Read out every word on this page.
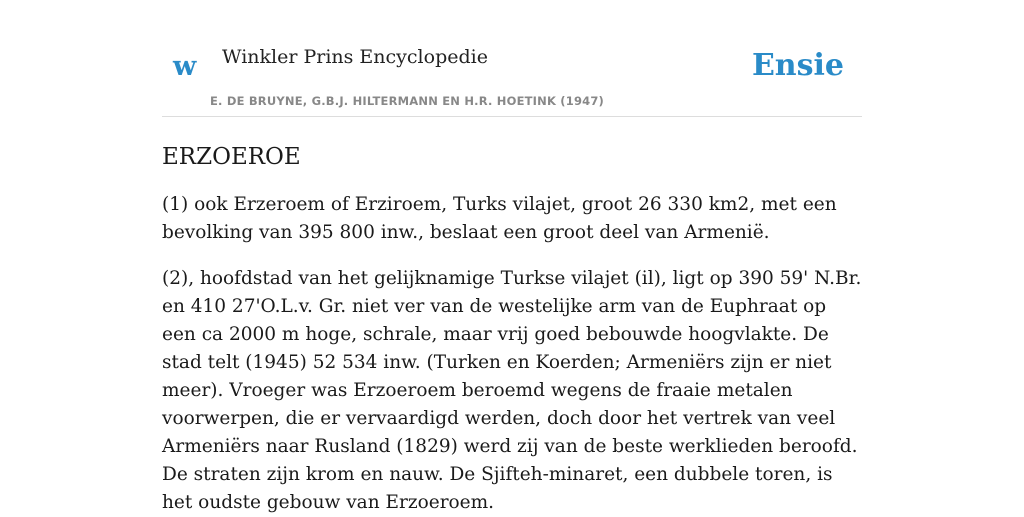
w Winkler Prins Encyclopedie
E. DE BRUYNE, G.B.J. HILTERMANN EN H.R. HOETINK (1947)
Ensie
ERZOEROE

(1) ook Erzeroem of Erziroem, Turks vilajet, groot 26 330 km2, met een bevolking van 395 800 inw., beslaat een groot deel van Armenië.

(2), hoofdstad van het gelijknamige Turkse vilajet (il), ligt op 390 59' N.Br. en 410 27'O.L.v. Gr. niet ver van de westelijke arm van de Euphraat op een ca 2000 m hoge, schrale, maar vrij goed bebouwde hoogvlakte. De stad telt (1945) 52 534 inw. (Turken en Koerden; Armeniërs zijn er niet meer). Vroeger was Erzoeroem beroemd wegens de fraaie metalen voorwerpen, die er vervaardigd werden, doch door het vertrek van veel Armeniërs naar Rusland (1829) werd zij van de beste werklieden beroofd. De straten zijn krom en nauw. De Sjifteh-minaret, een dubbele toren, is het oudste gebouw van Erzoeroem.
